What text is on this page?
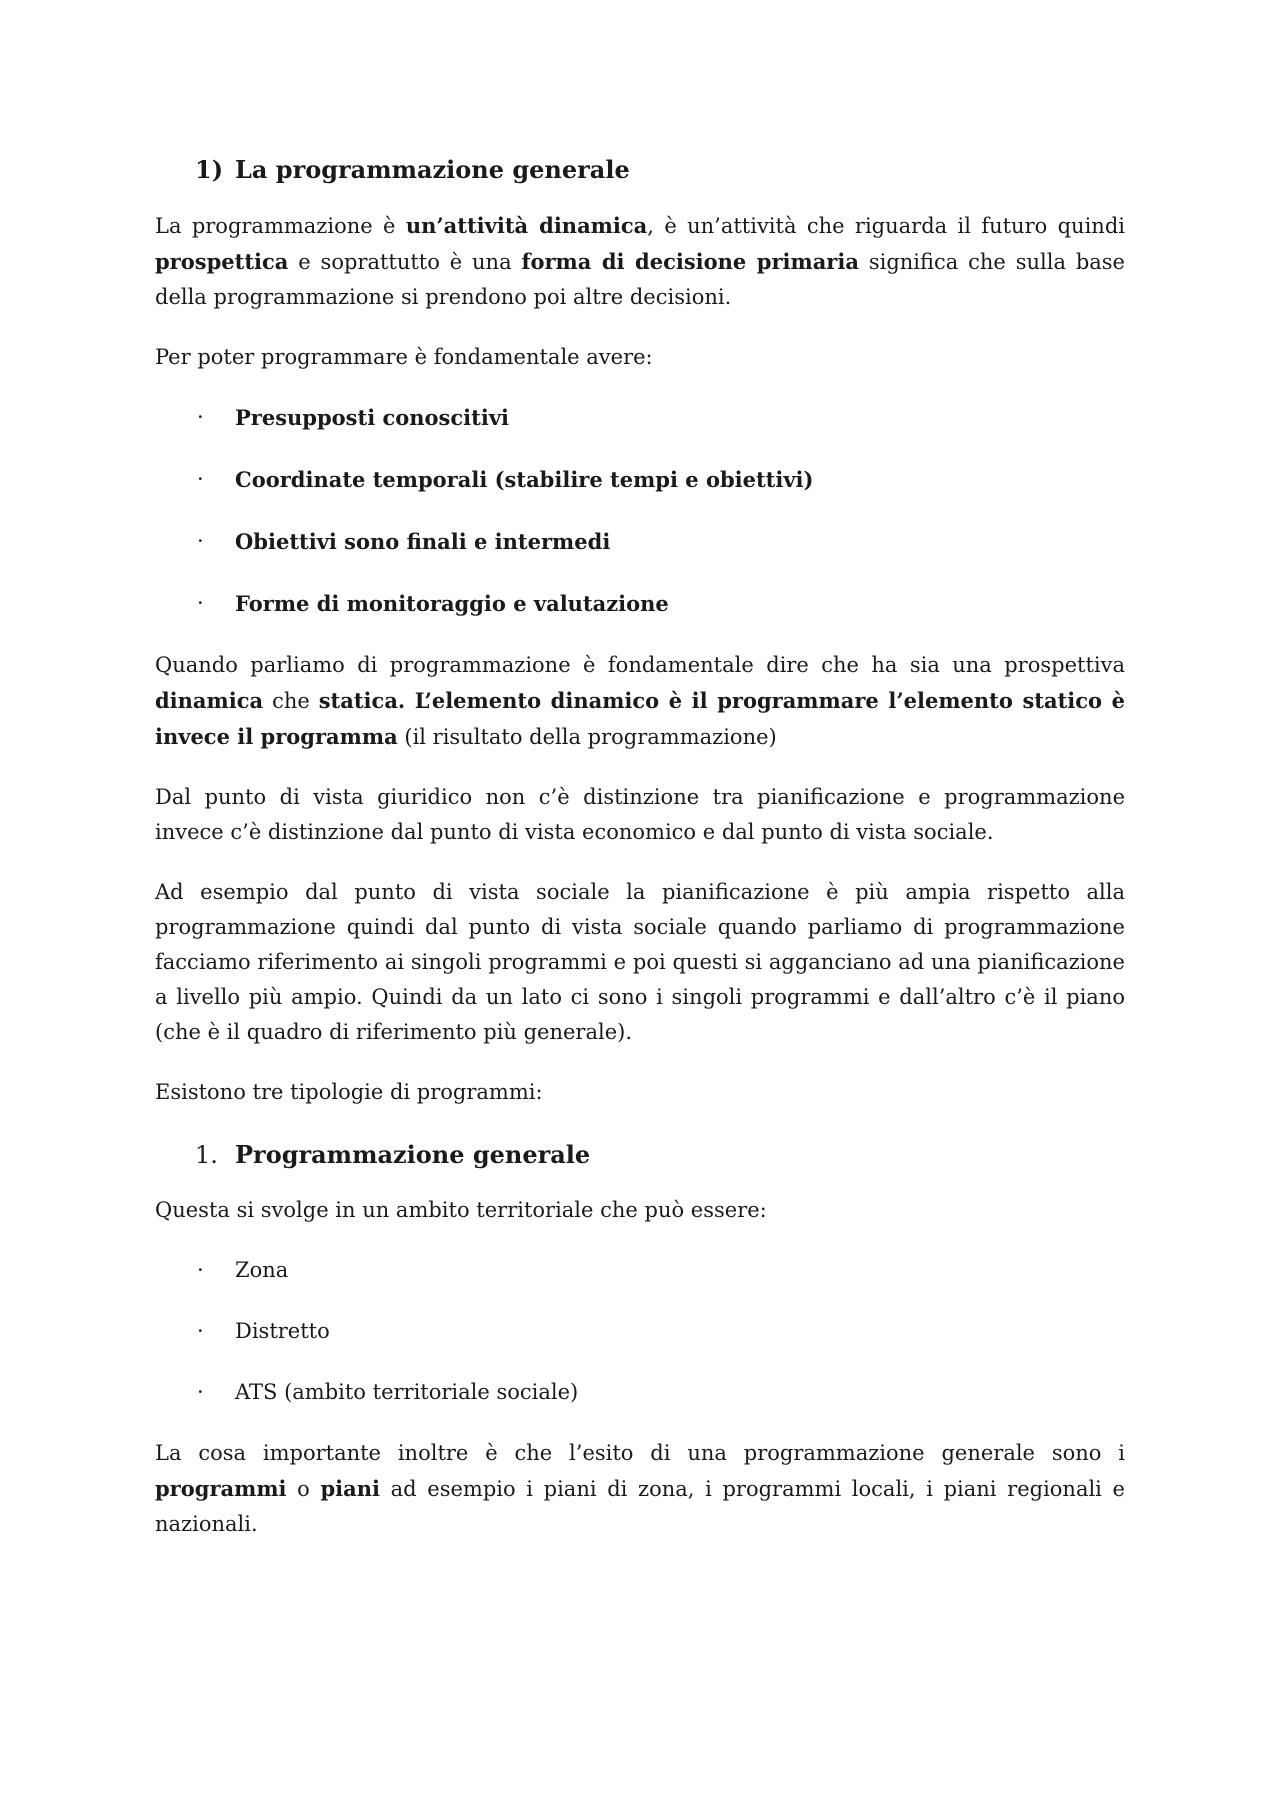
1) La programmazione generale

La programmazione è un’attività dinamica, è un’attività che riguarda il futuro quindi prospettica e soprattutto è una forma di decisione primaria significa che sulla base della programmazione si prendono poi altre decisioni.

Per poter programmare è fondamentale avere:

· Presupposti conoscitivi
· Coordinate temporali (stabilire tempi e obiettivi)
· Obiettivi sono finali e intermedi
· Forme di monitoraggio e valutazione

Quando parliamo di programmazione è fondamentale dire che ha sia una prospettiva dinamica che statica. L’elemento dinamico è il programmare l’elemento statico è invece il programma (il risultato della programmazione)

Dal punto di vista giuridico non c’è distinzione tra pianificazione e programmazione invece c’è distinzione dal punto di vista economico e dal punto di vista sociale.

Ad esempio dal punto di vista sociale la pianificazione è più ampia rispetto alla programmazione quindi dal punto di vista sociale quando parliamo di programmazione facciamo riferimento ai singoli programmi e poi questi si agganciano ad una pianificazione a livello più ampio. Quindi da un lato ci sono i singoli programmi e dall’altro c’è il piano (che è il quadro di riferimento più generale).

Esistono tre tipologie di programmi:

1. Programmazione generale

Questa si svolge in un ambito territoriale che può essere:

· Zona
· Distretto
· ATS (ambito territoriale sociale)

La cosa importante inoltre è che l’esito di una programmazione generale sono i programmi o piani ad esempio i piani di zona, i programmi locali, i piani regionali e nazionali.
